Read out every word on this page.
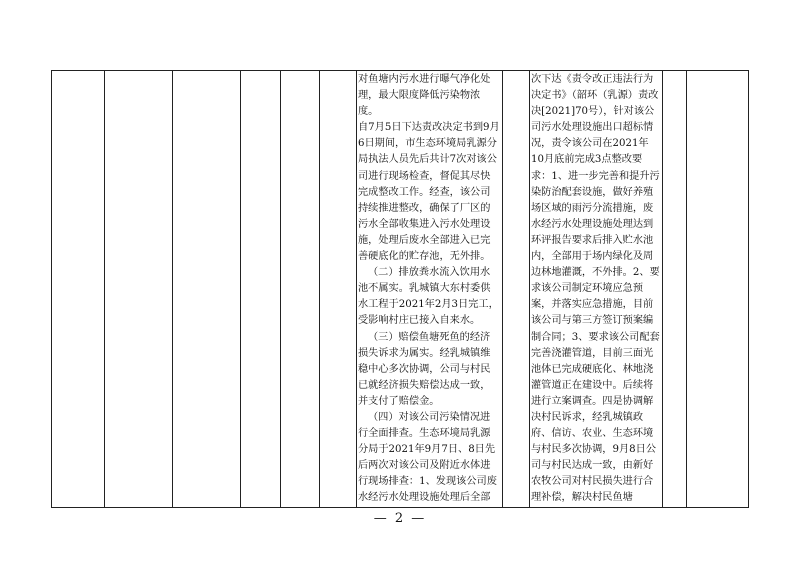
对鱼塘内污水进行曝气净化处理，最大限度降低污染物浓度。

自7月5日下达责改决定书到9月6日期间，市生态环境局乳源分局执法人员先后共计7次对该公司进行现场检查，督促其尽快完成整改工作。经查，该公司持续推进整改，确保了厂区的污水全部收集进入污水处理设施，处理后废水全部进入已完善硬底化的贮存池，无外排。

（二）排放粪水流入饮用水池不属实。乳城镇大东村委供水工程于2021年2月3日完工，受影响村庄已接入自来水。

（三）赔偿鱼塘死鱼的经济损失诉求为属实。经乳城镇维稳中心多次协调，公司与村民已就经济损失赔偿达成一致，并支付了赔偿金。

（四）对该公司污染情况进行全面排查。生态环境局乳源分局于2021年9月7日、8日先后两次对该公司及附近水体进行现场排查：1、发现该公司废水经污水处理设施处理后全部

次下达《责令改正违法行为决定书》（韶环（乳源）责改决[2021]70号），针对该公司污水处理设施出口超标情况，责令该公司在2021年10月底前完成3点整改要求：1、进一步完善和提升污染防治配套设施，做好养殖场区域的雨污分流措施，废水经污水处理设施处理达到环评报告要求后排入贮水池内，全部用于场内绿化及周边林地灌溉，不外排。2、要求该公司制定环境应急预案，并落实应急措施，目前该公司与第三方签订预案编制合同；3、要求该公司配套完善浇灌管道，目前三面光池体已完成硬底化、林地浇灌管道正在建设中。后续将进行立案调查。四是协调解决村民诉求，经乳城镇政府、信访、农业、生态环境与村民多次协调，9月8日公司与村民达成一致，由新好农牧公司对村民损失进行合理补偿，解决村民鱼塘

— 2 —
